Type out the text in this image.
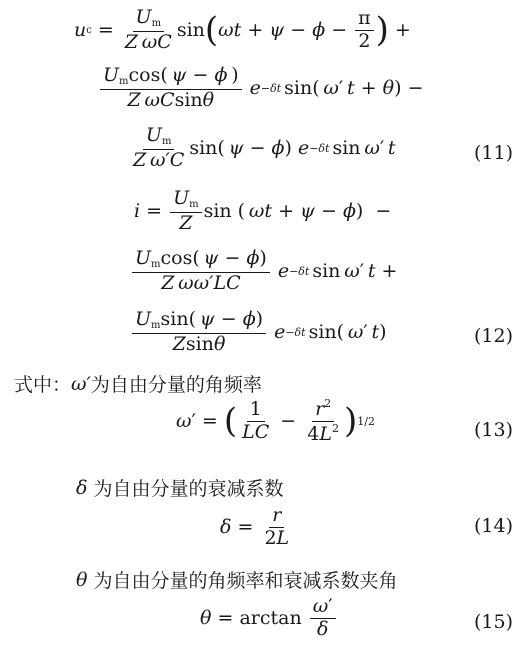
u $c = \frac{U_m}{\text{Z ωC}}$ sin ( $\omega t + \psi - \phi - \frac{\pi}{2}$ ) +
$\frac{U_m\cos( \psi - \phi )}{\text{Z ωCsinθ}}$ e −δt sin(  ω ′  t + θ ) −
$\frac{U_m}{\text{Z ω′C}} \sin$(  ψ − ϕ ) e −δt sin  ω ′  t	(11)
$i = \frac{U_m}{Z}$ sin (  ωt + ψ − ϕ )  −
$\frac{U_m\cos( \psi - \phi)}{\text{Z ωω′LC}}$ e −δt sin  ω ′  t +
$\frac{U_m\sin( \psi - \phi)}{Zsin\theta}$ e −δt sin(  ω ′  t )	(12)
式中： ω′ 为自由分量的角频率
ω ′ = ( $\frac{1}{LC} - \frac{r^2}{4L^2}$ ) 1/2	(13)
δ
为自由分量的衰减系数
$\delta = \frac{r}{2L}$	(14)
θ
为自由分量的角频率和衰减系数夹角
$\theta = \arctan \frac{\omega'}{\delta}$	(15)
